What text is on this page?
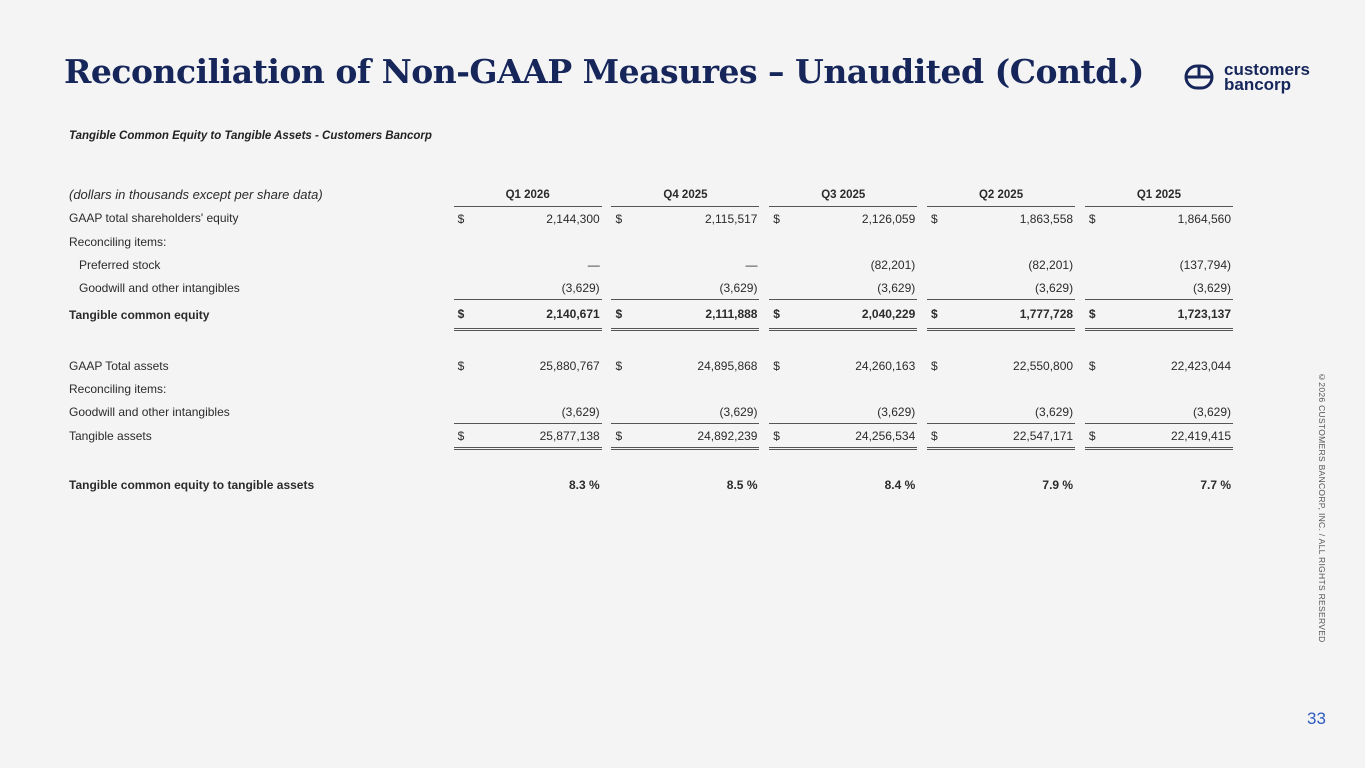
Reconciliation of Non-GAAP Measures – Unaudited (Contd.)	customers
bancorp
Tangible Common Equity to Tangible Assets - Customers Bancorp
(dollars in thousands except per share data)	Q1 2026			Q4 2025			Q3 2025			Q2 2025			Q1 2025	
GAAP total shareholders' equity	$	2,144,300		$	2,115,517		$	2,126,059		$	1,863,558		$	1,864,560
Reconciling items:														
Preferred stock		—			—			(82,201)			(82,201)			(137,794)
Goodwill and other intangibles		(3,629)			(3,629)			(3,629)			(3,629)			(3,629)
Tangible common equity	$	2,140,671		$	2,111,888		$	2,040,229		$	1,777,728		$	1,723,137

GAAP Total assets	$	25,880,767		$	24,895,868		$	24,260,163		$	22,550,800		$	22,423,044
Reconciling items:														
Goodwill and other intangibles		(3,629)			(3,629)			(3,629)			(3,629)			(3,629)
Tangible assets	$	25,877,138		$	24,892,239		$	24,256,534		$	22,547,171		$	22,419,415

Tangible common equity to tangible assets	8.3 %			8.5 %			8.4 %			7.9 %			7.7 %		©2026 CUSTOMERS BANCORP, INC. / ALL RIGHTS RESERVED
33
